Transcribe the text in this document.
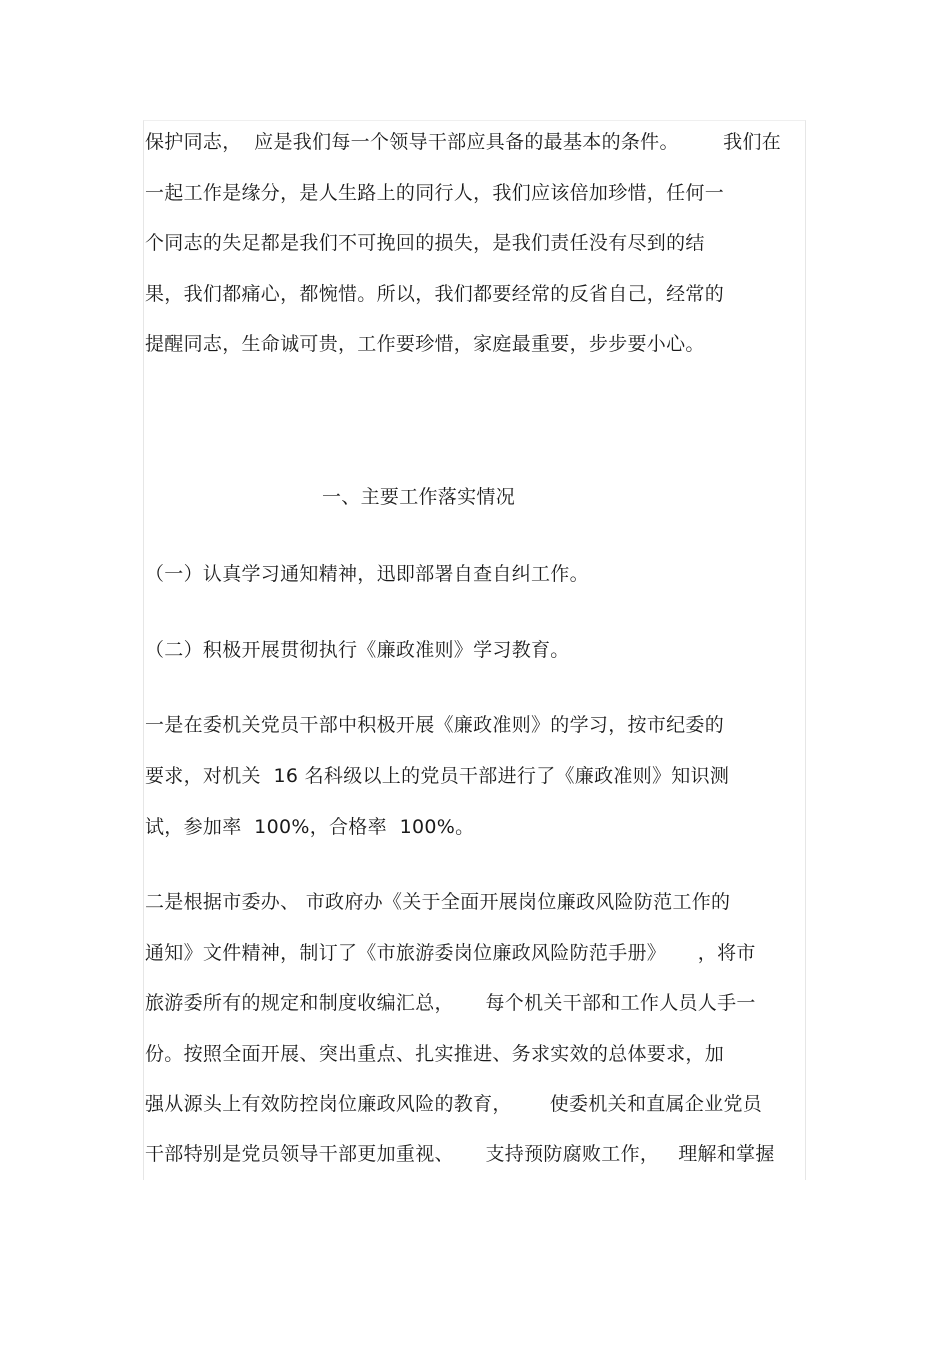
保护同志，  应是我们每一个领导干部应具备的最基本的条件。       我们在
一起工作是缘分，是人生路上的同行人，我们应该倍加珍惜，任何一
个同志的失足都是我们不可挽回的损失，是我们责任没有尽到的结
果，我们都痛心，都惋惜。所以，我们都要经常的反省自己，经常的
提醒同志，生命诚可贵，工作要珍惜，家庭最重要，步步要小心。
一、主要工作落实情况
（一）认真学习通知精神，迅即部署自查自纠工作。
（二）积极开展贯彻执行《廉政准则》学习教育。
一是在委机关党员干部中积极开展《廉政准则》的学习，按市纪委的
要求，对机关  16 名科级以上的党员干部进行了《廉政准则》知识测
试，参加率  100%，合格率  100%。
二是根据市委办、 市政府办《关于全面开展岗位廉政风险防范工作的
通知》文件精神，制订了《市旅游委岗位廉政风险防范手册》     ，将市
旅游委所有的规定和制度收编汇总，     每个机关干部和工作人员人手一
份。按照全面开展、突出重点、扎实推进、务求实效的总体要求，加
强从源头上有效防控岗位廉政风险的教育，      使委机关和直属企业党员
干部特别是党员领导干部更加重视、     支持预防腐败工作，   理解和掌握
